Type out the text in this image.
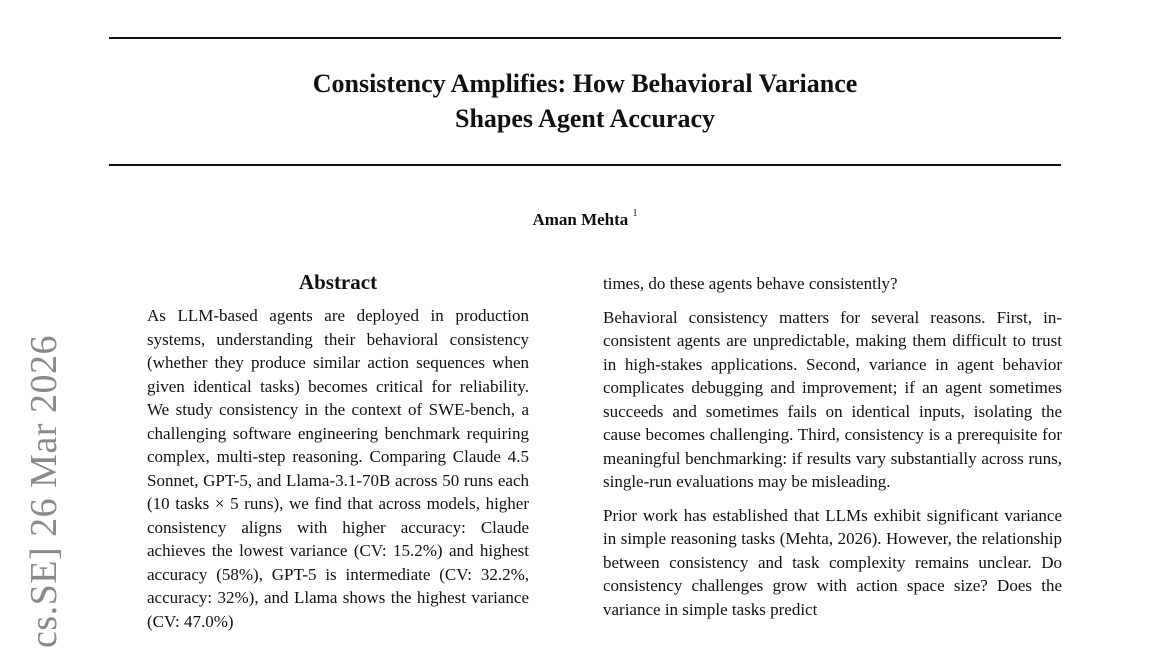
Consistency Amplifies: How Behavioral Variance
Shapes Agent Accuracy
Aman Mehta $^1$
cs.SE] 26 Mar 2026
Abstract

As LLM-based agents are deployed in production systems, understanding their behavioral consistency (whether they produce similar action sequences when given identical tasks) becomes critical for reliability. We study consistency in the context of SWE-bench, a challenging software engineering benchmark requiring complex, multi-step reasoning. Comparing Claude 4.5 Sonnet, GPT-5, and Llama-3.1-70B across 50 runs each (10 tasks × 5 runs), we find that across models, higher consistency aligns with higher accuracy: Claude achieves the lowest variance (CV: 15.2%) and highest accuracy (58%), GPT-5 is intermediate (CV: 32.2%, accuracy: 32%), and Llama shows the highest variance (CV: 47.0%)

times, do these agents behave consistently?

Behavioral consistency matters for several reasons. First, inconsistent agents are unpredictable, making them difficult to trust in high-stakes applications. Second, variance in agent behavior complicates debugging and improvement; if an agent sometimes succeeds and sometimes fails on identical inputs, isolating the cause becomes challenging. Third, consistency is a prerequisite for meaningful benchmarking: if results vary substantially across runs, single-run evaluations may be misleading.

Prior work has established that LLMs exhibit significant variance in simple reasoning tasks (Mehta, 2026). However, the relationship between consistency and task complexity remains unclear. Do consistency challenges grow with action space size? Does the variance in simple tasks predict
